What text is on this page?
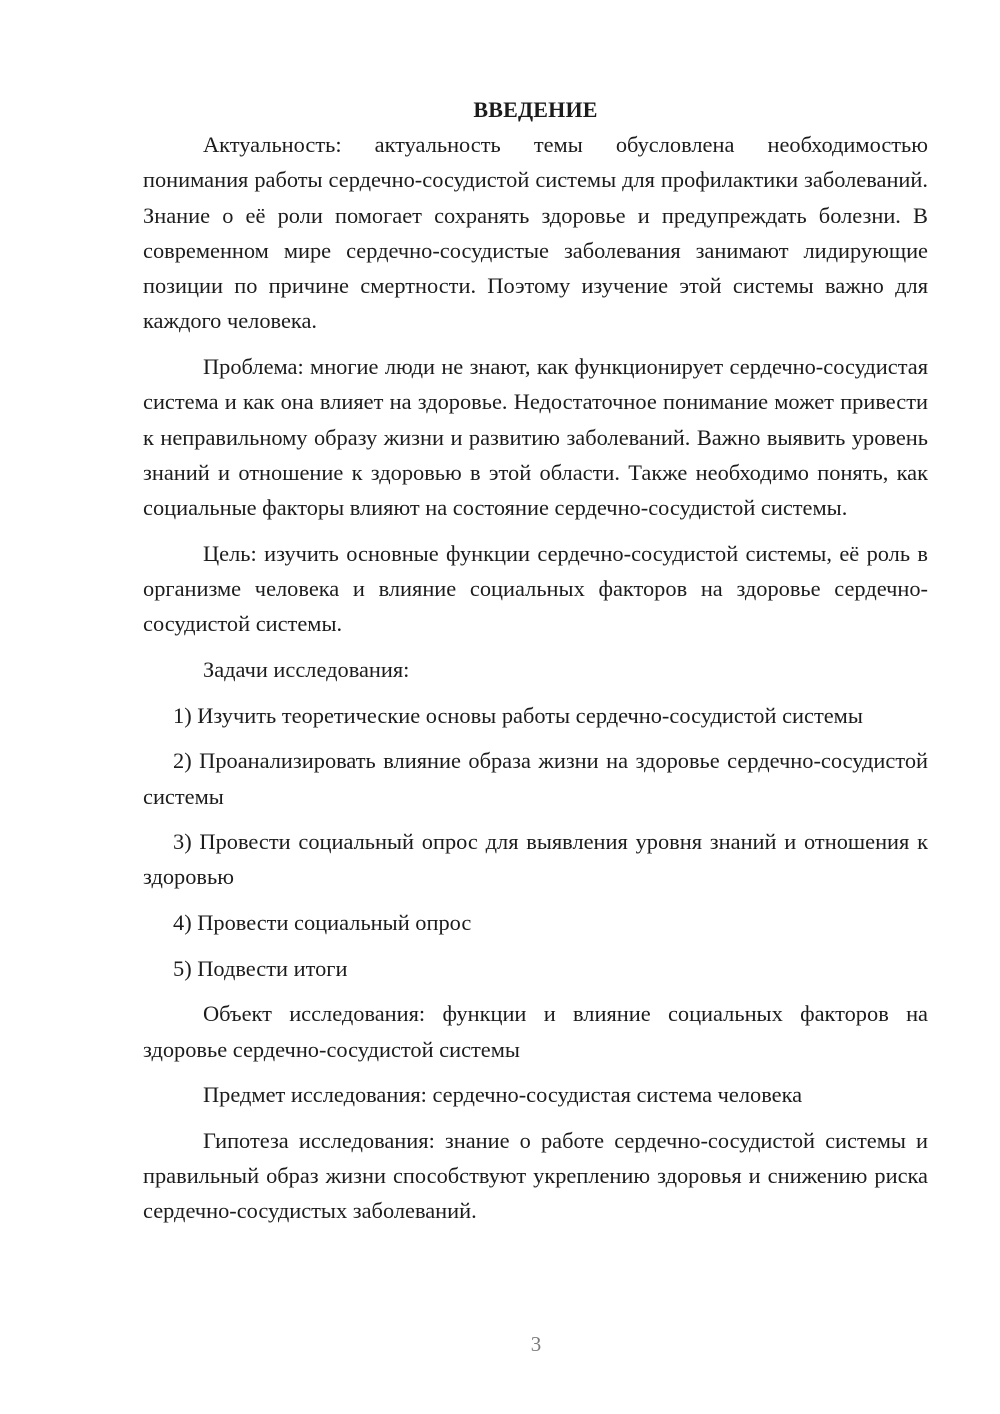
ВВЕДЕНИЕ

Актуальность: актуальность темы обусловлена необходимостью понимания работы сердечно-сосудистой системы для профилактики заболеваний. Знание о её роли помогает сохранять здоровье и предупреждать болезни. В современном мире сердечно-сосудистые заболевания занимают лидирующие позиции по причине смертности. Поэтому изучение этой системы важно для каждого человека.

Проблема: многие люди не знают, как функционирует сердечно-сосудистая система и как она влияет на здоровье. Недостаточное понимание может привести к неправильному образу жизни и развитию заболеваний. Важно выявить уровень знаний и отношение к здоровью в этой области. Также необходимо понять, как социальные факторы влияют на состояние сердечно-сосудистой системы.

Цель: изучить основные функции сердечно-сосудистой системы, её роль в организме человека и влияние социальных факторов на здоровье сердечно-сосудистой системы.

Задачи исследования:

1) Изучить теоретические основы работы сердечно-сосудистой системы

2) Проанализировать влияние образа жизни на здоровье сердечно-сосудистой системы

3) Провести социальный опрос для выявления уровня знаний и отношения к здоровью

4) Провести социальный опрос

5) Подвести итоги

Объект исследования: функции и влияние социальных факторов на здоровье сердечно-сосудистой системы

Предмет исследования: сердечно-сосудистая система человека

Гипотеза исследования: знание о работе сердечно-сосудистой системы и правильный образ жизни способствуют укреплению здоровья и снижению риска сердечно-сосудистых заболеваний.

3
